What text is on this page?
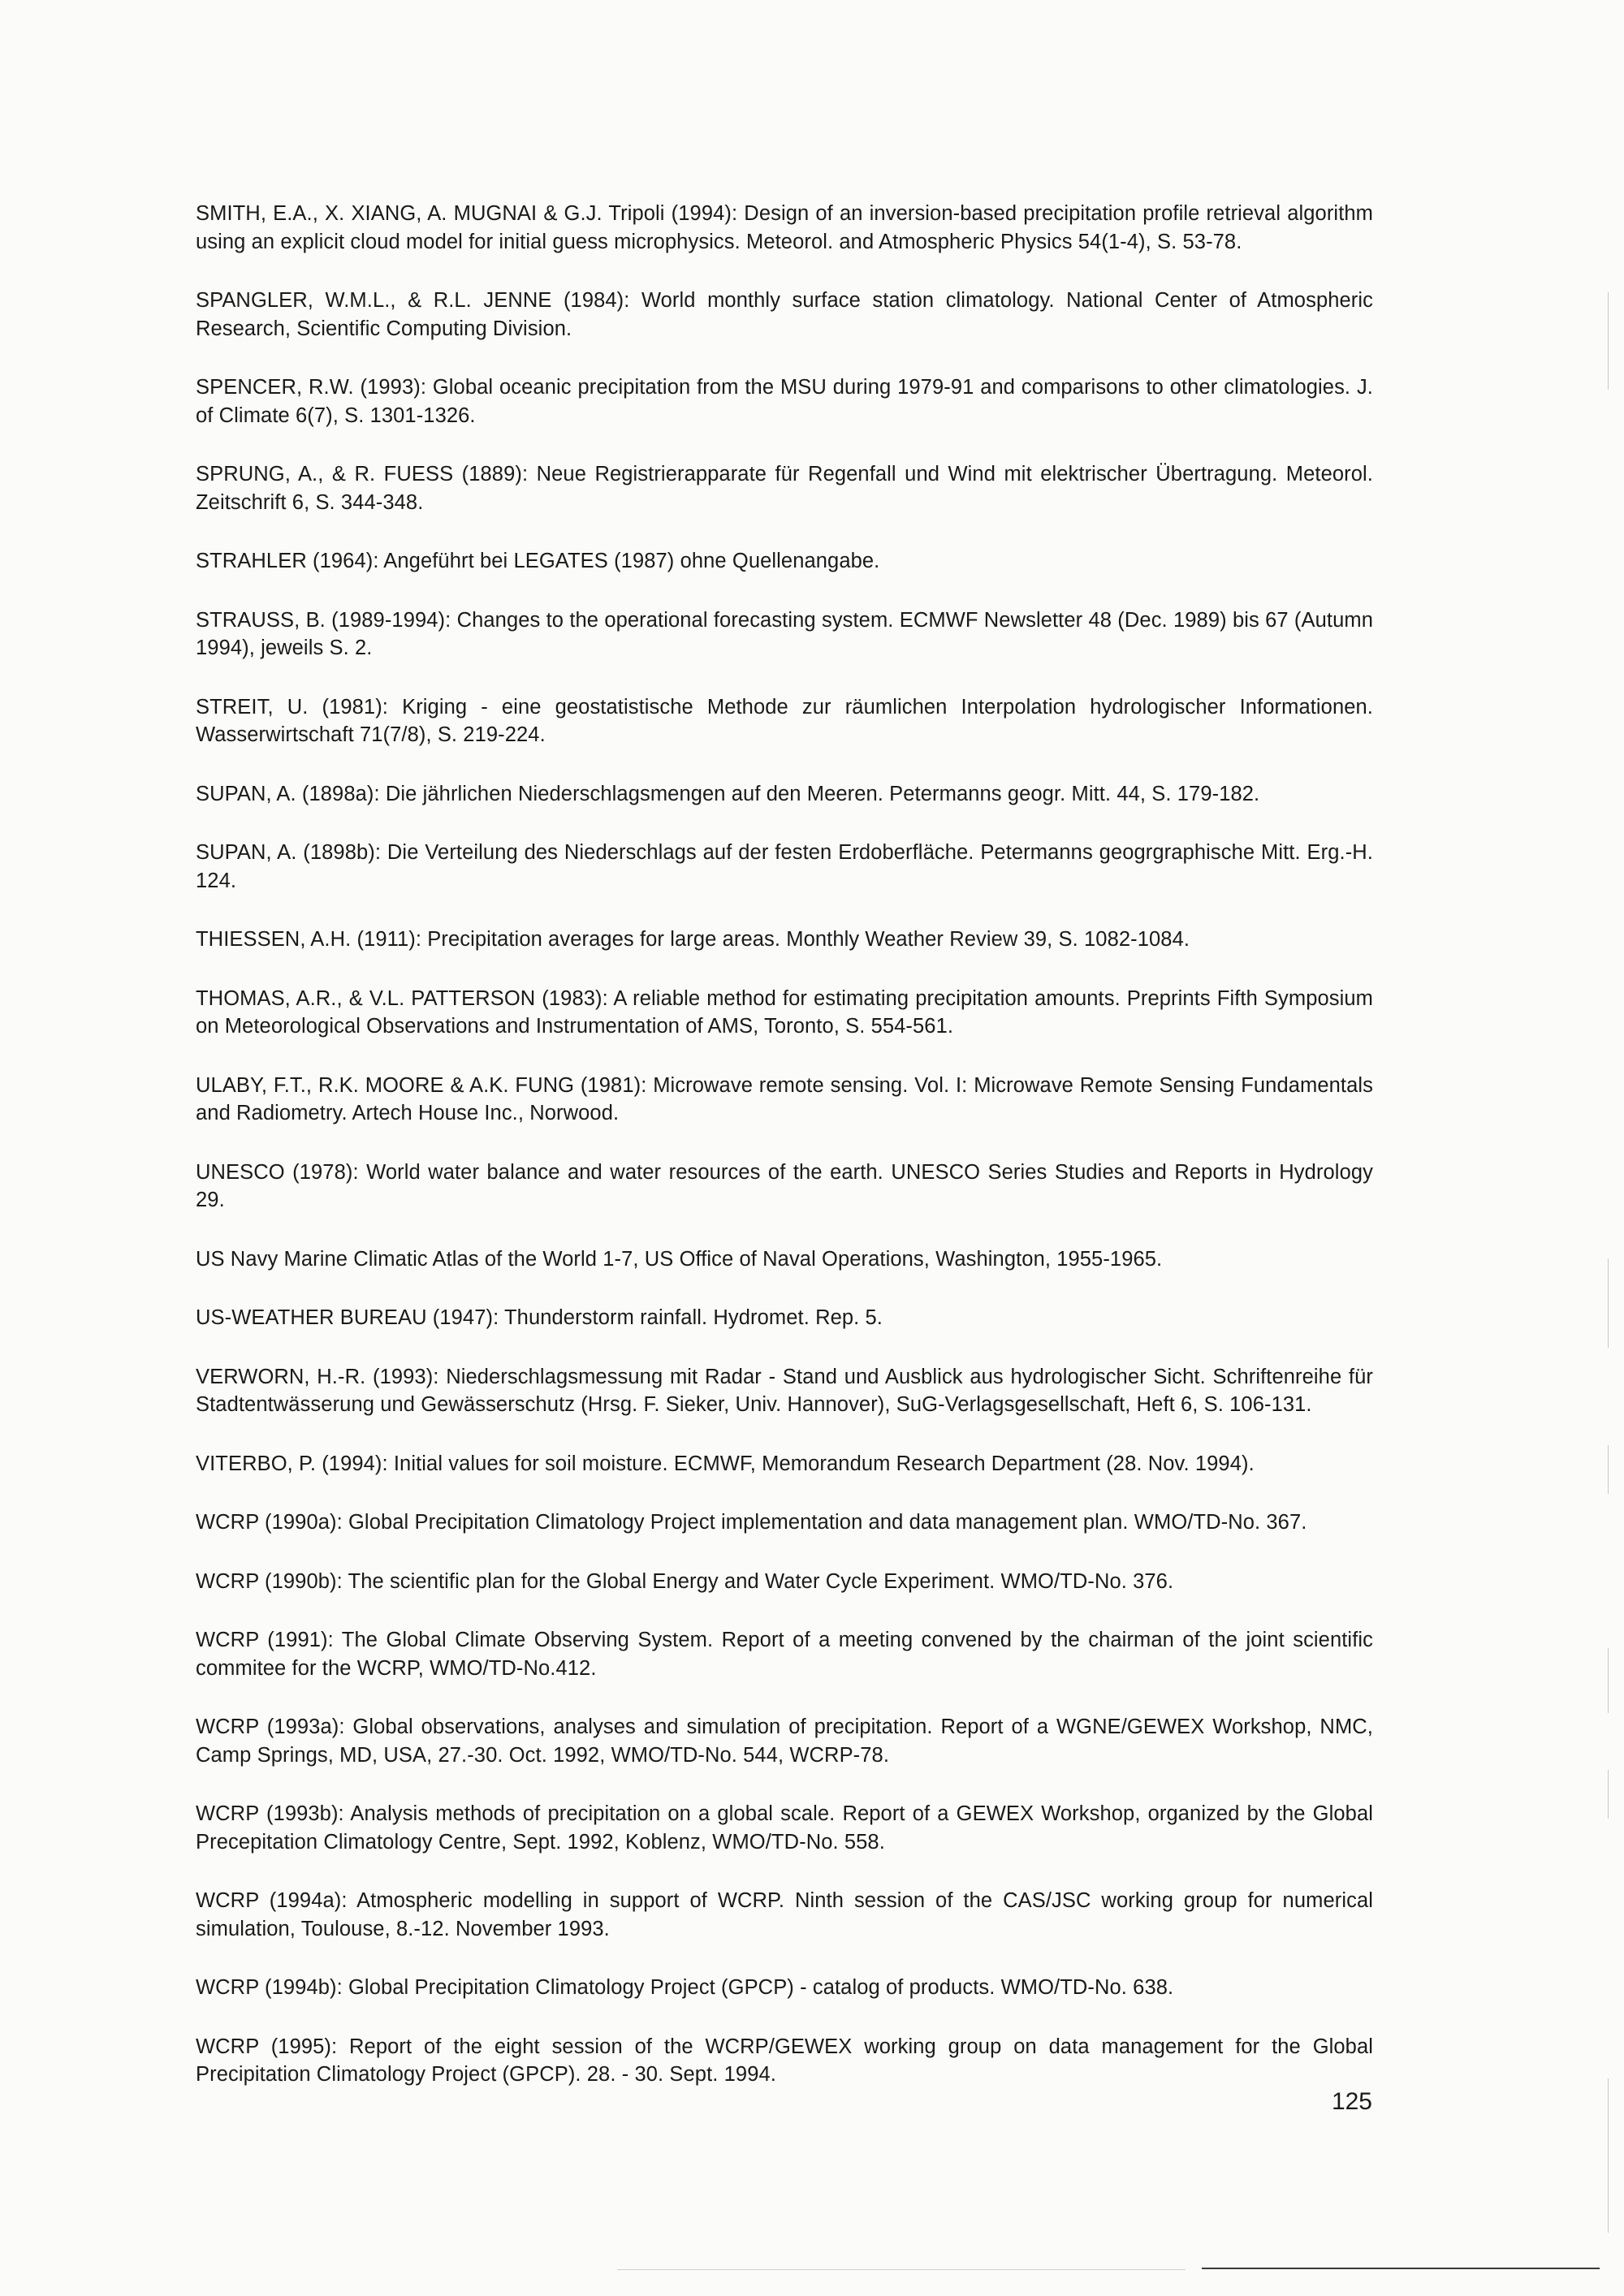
SMITH, E.A., X. XIANG, A. MUGNAI & G.J. Tripoli (1994): Design of an inversion-based precipitation profile retrieval algorithm using an explicit cloud model for initial guess microphysics. Meteorol. and Atmospheric Physics 54(1-4), S. 53-78.

SPANGLER, W.M.L., & R.L. JENNE (1984): World monthly surface station climatology. National Center of Atmospheric Research, Scientific Computing Division.

SPENCER, R.W. (1993): Global oceanic precipitation from the MSU during 1979-91 and comparisons to other climatologies. J. of Climate 6(7), S. 1301-1326.

SPRUNG, A., & R. FUESS (1889): Neue Registrierapparate für Regenfall und Wind mit elektrischer Übertragung. Meteorol. Zeitschrift 6, S. 344-348.

STRAHLER (1964): Angeführt bei LEGATES (1987) ohne Quellenangabe.

STRAUSS, B. (1989-1994): Changes to the operational forecasting system. ECMWF Newsletter 48 (Dec. 1989) bis 67 (Autumn 1994), jeweils S. 2.

STREIT, U. (1981): Kriging - eine geostatistische Methode zur räumlichen Interpolation hydrologischer Informationen. Wasserwirtschaft 71(7/8), S. 219-224.

SUPAN, A. (1898a): Die jährlichen Niederschlagsmengen auf den Meeren. Petermanns geogr. Mitt. 44, S. 179-182.

SUPAN, A. (1898b): Die Verteilung des Niederschlags auf der festen Erdoberfläche. Petermanns geogrgraphische Mitt. Erg.-H. 124.

THIESSEN, A.H. (1911): Precipitation averages for large areas. Monthly Weather Review 39, S. 1082-1084.

THOMAS, A.R., & V.L. PATTERSON (1983): A reliable method for estimating precipitation amounts. Preprints Fifth Symposium on Meteorological Observations and Instrumentation of AMS, Toronto, S. 554-561.

ULABY, F.T., R.K. MOORE & A.K. FUNG (1981): Microwave remote sensing. Vol. I: Microwave Remote Sensing Fundamentals and Radiometry. Artech House Inc., Norwood.

UNESCO (1978): World water balance and water resources of the earth. UNESCO Series Studies and Reports in Hydrology 29.

US Navy Marine Climatic Atlas of the World 1-7, US Office of Naval Operations, Washington, 1955-1965.

US-WEATHER BUREAU (1947): Thunderstorm rainfall. Hydromet. Rep. 5.

VERWORN, H.-R. (1993): Niederschlagsmessung mit Radar - Stand und Ausblick aus hydrologischer Sicht. Schriftenreihe für Stadtentwässerung und Gewässerschutz (Hrsg. F. Sieker, Univ. Hannover), SuG-Verlagsgesellschaft, Heft 6, S. 106-131.

VITERBO, P. (1994): Initial values for soil moisture. ECMWF, Memorandum Research Department (28. Nov. 1994).

WCRP (1990a): Global Precipitation Climatology Project implementation and data management plan. WMO/TD-No. 367.

WCRP (1990b): The scientific plan for the Global Energy and Water Cycle Experiment. WMO/TD-No. 376.

WCRP (1991): The Global Climate Observing System. Report of a meeting convened by the chairman of the joint scientific commitee for the WCRP, WMO/TD-No.412.

WCRP (1993a): Global observations, analyses and simulation of precipitation. Report of a WGNE/GEWEX Workshop, NMC, Camp Springs, MD, USA, 27.-30. Oct. 1992, WMO/TD-No. 544, WCRP-78.

WCRP (1993b): Analysis methods of precipitation on a global scale. Report of a GEWEX Workshop, organized by the Global Precepitation Climatology Centre, Sept. 1992, Koblenz, WMO/TD-No. 558.

WCRP (1994a): Atmospheric modelling in support of WCRP. Ninth session of the CAS/JSC working group for numerical simulation, Toulouse, 8.-12. November 1993.

WCRP (1994b): Global Precipitation Climatology Project (GPCP) - catalog of products. WMO/TD-No. 638.

WCRP (1995): Report of the eight session of the WCRP/GEWEX working group on data management for the Global Precipitation Climatology Project (GPCP). 28. - 30. Sept. 1994.

125
